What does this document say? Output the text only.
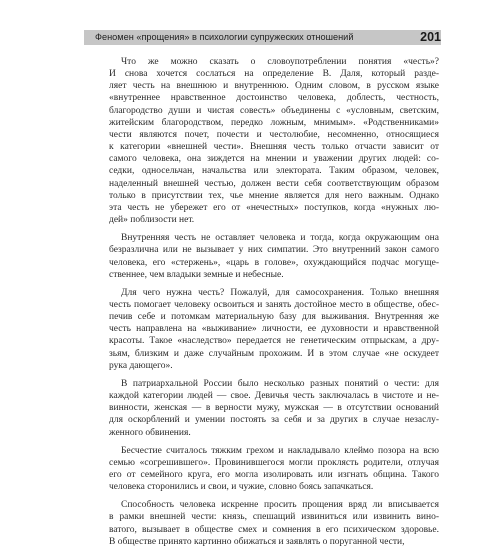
Феномен «прощения» в психологии супружеских отношений	201
Что же можно сказать о словоупотреблении понятия «честь»?
И снова хочется сослаться на определение В. Даля, который разде-
ляет честь на внешнюю и внутреннюю. Одним словом, в русском языке
«внутреннее нравственное достоинство человека, доблесть, честность,
благородство души и чистая совесть» объединены с «условным, светским,
житейским благородством, передко ложным, мнимым». «Родственниками»
чести являются почет, почести и честолюбие, несомненно, относящиеся
к категории «внешней чести». Внешняя честь только отчасти зависит от
самого человека, она зиждется на мнении и уважении других людей: со-
седки, односельчан, начальства или электората. Таким образом, человек,
наделенный внешней честью, должен вести себя соответствующим образом
только в присутствии тех, чье мнение является для него важным. Однако
эта честь не убережет его от «нечестных» поступков, когда «нужных лю-
дей» поблизости нет.
Внутренняя честь не оставляет человека и тогда, когда окружающим она
безразлична или не вызывает у них симпатии. Это внутренний закон самого
человека, его «стержень», «царь в голове», охуждающийся подчас могуще-
ственнее, чем владыки земные и небесные.
Для чего нужна честь? Пожалуй, для самосохранения. Только внешняя
честь помогает человеку освоиться и занять достойное место в обществе, обес-
печив себе и потомкам материальную базу для выживания. Внутренняя же
честь направлена на «выживание» личности, ее духовности и нравственной
красоты. Такое «наследство» передается не генетическим отпрыскам, а дру-
зьям, близким и даже случайным прохожим. И в этом случае «не оскудеет
рука дающего».
В патриархальной России было несколько разных понятий о чести: для
каждой категории людей — свое. Девичья честь заключалась в чистоте и не-
винности, женская — в верности мужу, мужская — в отсутствии оснований
для оскорблений и умении постоять за себя и за других в случае незаслу-
женного обвинения.
Бесчестие считалось тяжким грехом и накладывало клеймо позора на всю
семью «согрешившего». Провинившегося могли проклясть родители, отлучая
его от семейного круга, его могла изолировать или изгнать община. Такого
человека сторонились и свои, и чужие, словно боясь запачкаться.
Способность человека искренне просить прощения вряд ли вписывается
в рамки внешней чести: князь, спешащий извиниться или извинить вино-
ватого, вызывает в обществе смех и сомнения в его психическом здоровье.
В обществе принято картинно обижаться и заявлять о поруганной чести,
